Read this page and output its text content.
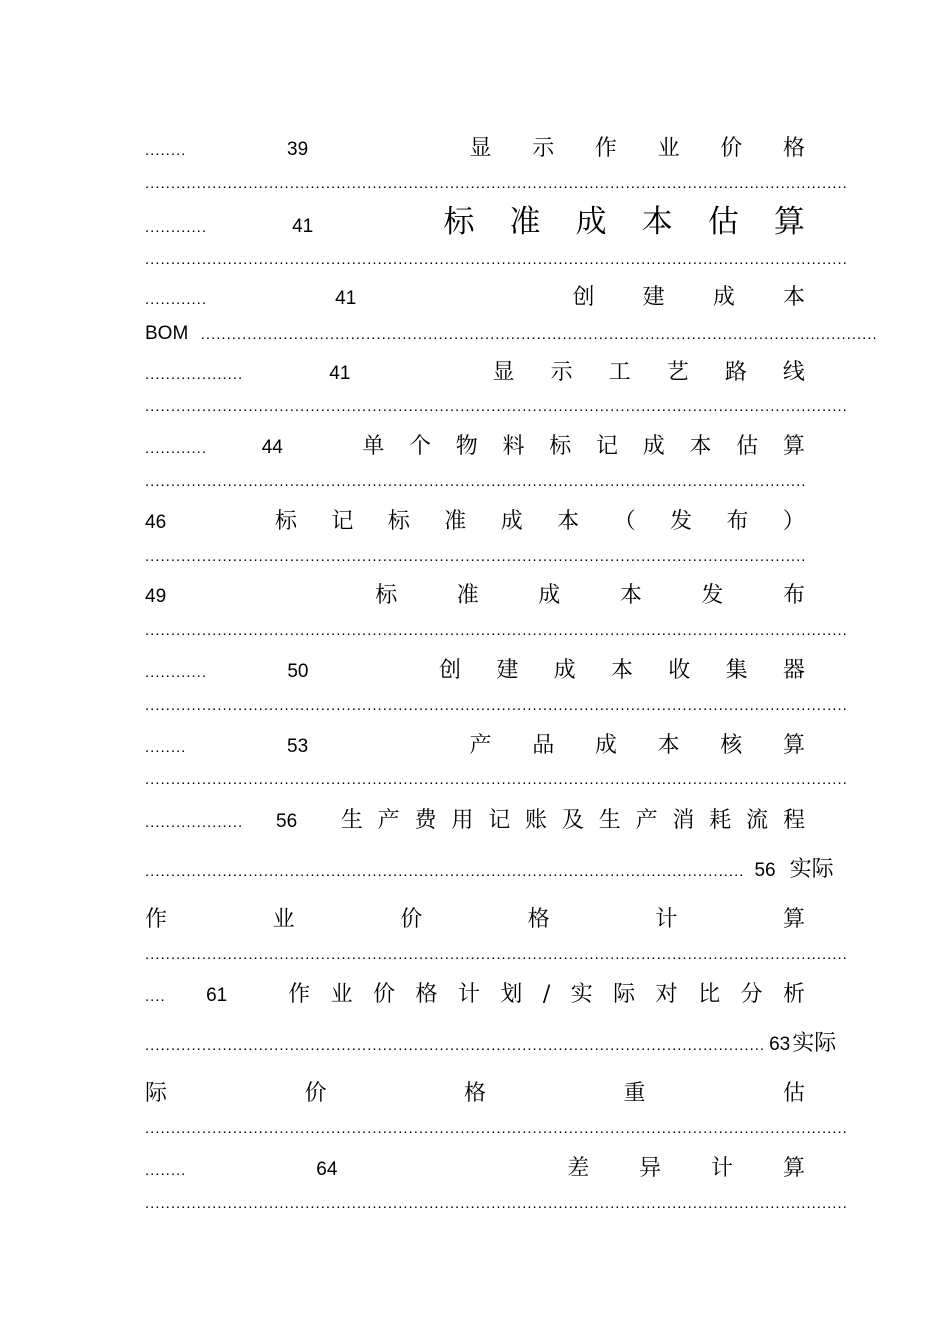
........	39	显 示 作 业 价 格
........................................................................................................................................
............	41	标 准 成 本 估 算
........................................................................................................................................
............	41	创 建 成 本
BOM ...................................................................................................................................
...................	41	显 示 工 艺 路 线
........................................................................................................................................
............	44	单 个 物 料 标 记 成 本 估 算
................................................................................................................................
46	标 记 标 准 成 本 （ 发 布 ）
................................................................................................................................
49	标	准	成	本	发	布
........................................................................................................................................
............	50	创 建 成 本 收 集 器
........................................................................................................................................
........	53	产 品 成 本 核 算
........................................................................................................................................
................... 56 生 产 费 用 记 账 及 生 产 消 耗 流 程
.................................................................................................................... 56 实际
作	业	价	格	计	算
........................................................................................................................................
.... 61	作 业 价 格 计 划 / 实 际 对 比 分 析
........................................................................................................................ 63 实际
际	价	格	重	估
........................................................................................................................................
........	64	差 异 计 算
........................................................................................................................................
